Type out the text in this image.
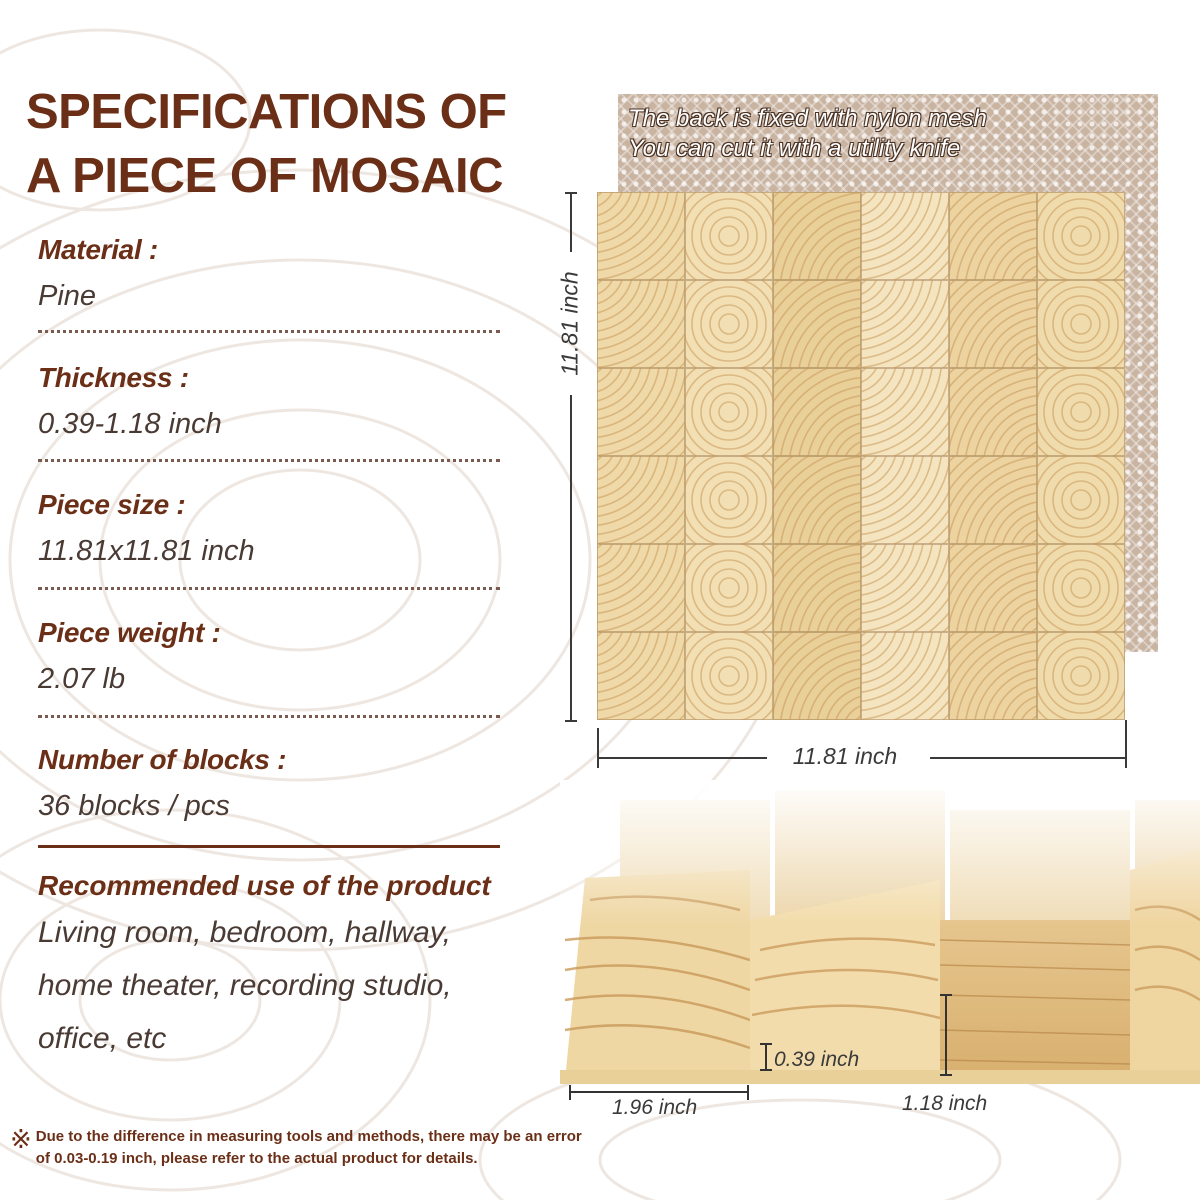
SPECIFICATIONS OF
A PIECE OF MOSAIC
Material :
Pine
Thickness :
0.39-1.18 inch
Piece size :
11.81x11.81 inch
Piece weight :
2.07 lb
Number of blocks :
36 blocks / pcs
Recommended use of the product
Living room, bedroom, hallway,
home theater, recording studio,
office, etc
※ Due to the difference in measuring tools and methods, there may be an error of 0.03-0.19 inch, please refer to the actual product for details.
The back is fixed with nylon mesh
You can cut it with a utility knife
11.81 inch
11.81 inch
1.96 inch
0.39 inch
1.18 inch
